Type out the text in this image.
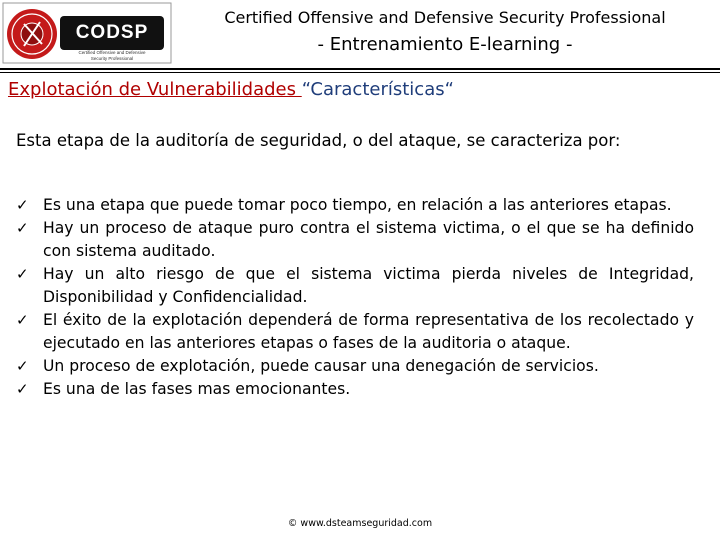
CODSP
Certified Offensive and Defensive
Security Professional
Certified Offensive and Defensive Security Professional
- Entrenamiento E-learning -
Explotación de Vulnerabilidades “Características“
Esta etapa de la auditoría de seguridad, o del ataque, se caracteriza por:
✓ Es una etapa que puede tomar poco tiempo, en relación a las anteriores etapas.
✓ Hay un proceso de ataque puro contra el sistema victima, o el que se ha definido con sistema auditado.
✓ Hay un alto riesgo de que el sistema victima pierda niveles de Integridad, Disponibilidad y Confidencialidad.
✓ El éxito de la explotación dependerá de forma representativa de los recolectado y ejecutado en las anteriores etapas o fases de la auditoria o ataque.
✓ Un proceso de explotación, puede causar una denegación de servicios.
✓ Es una de las fases mas emocionantes.
© www.dsteamseguridad.com
